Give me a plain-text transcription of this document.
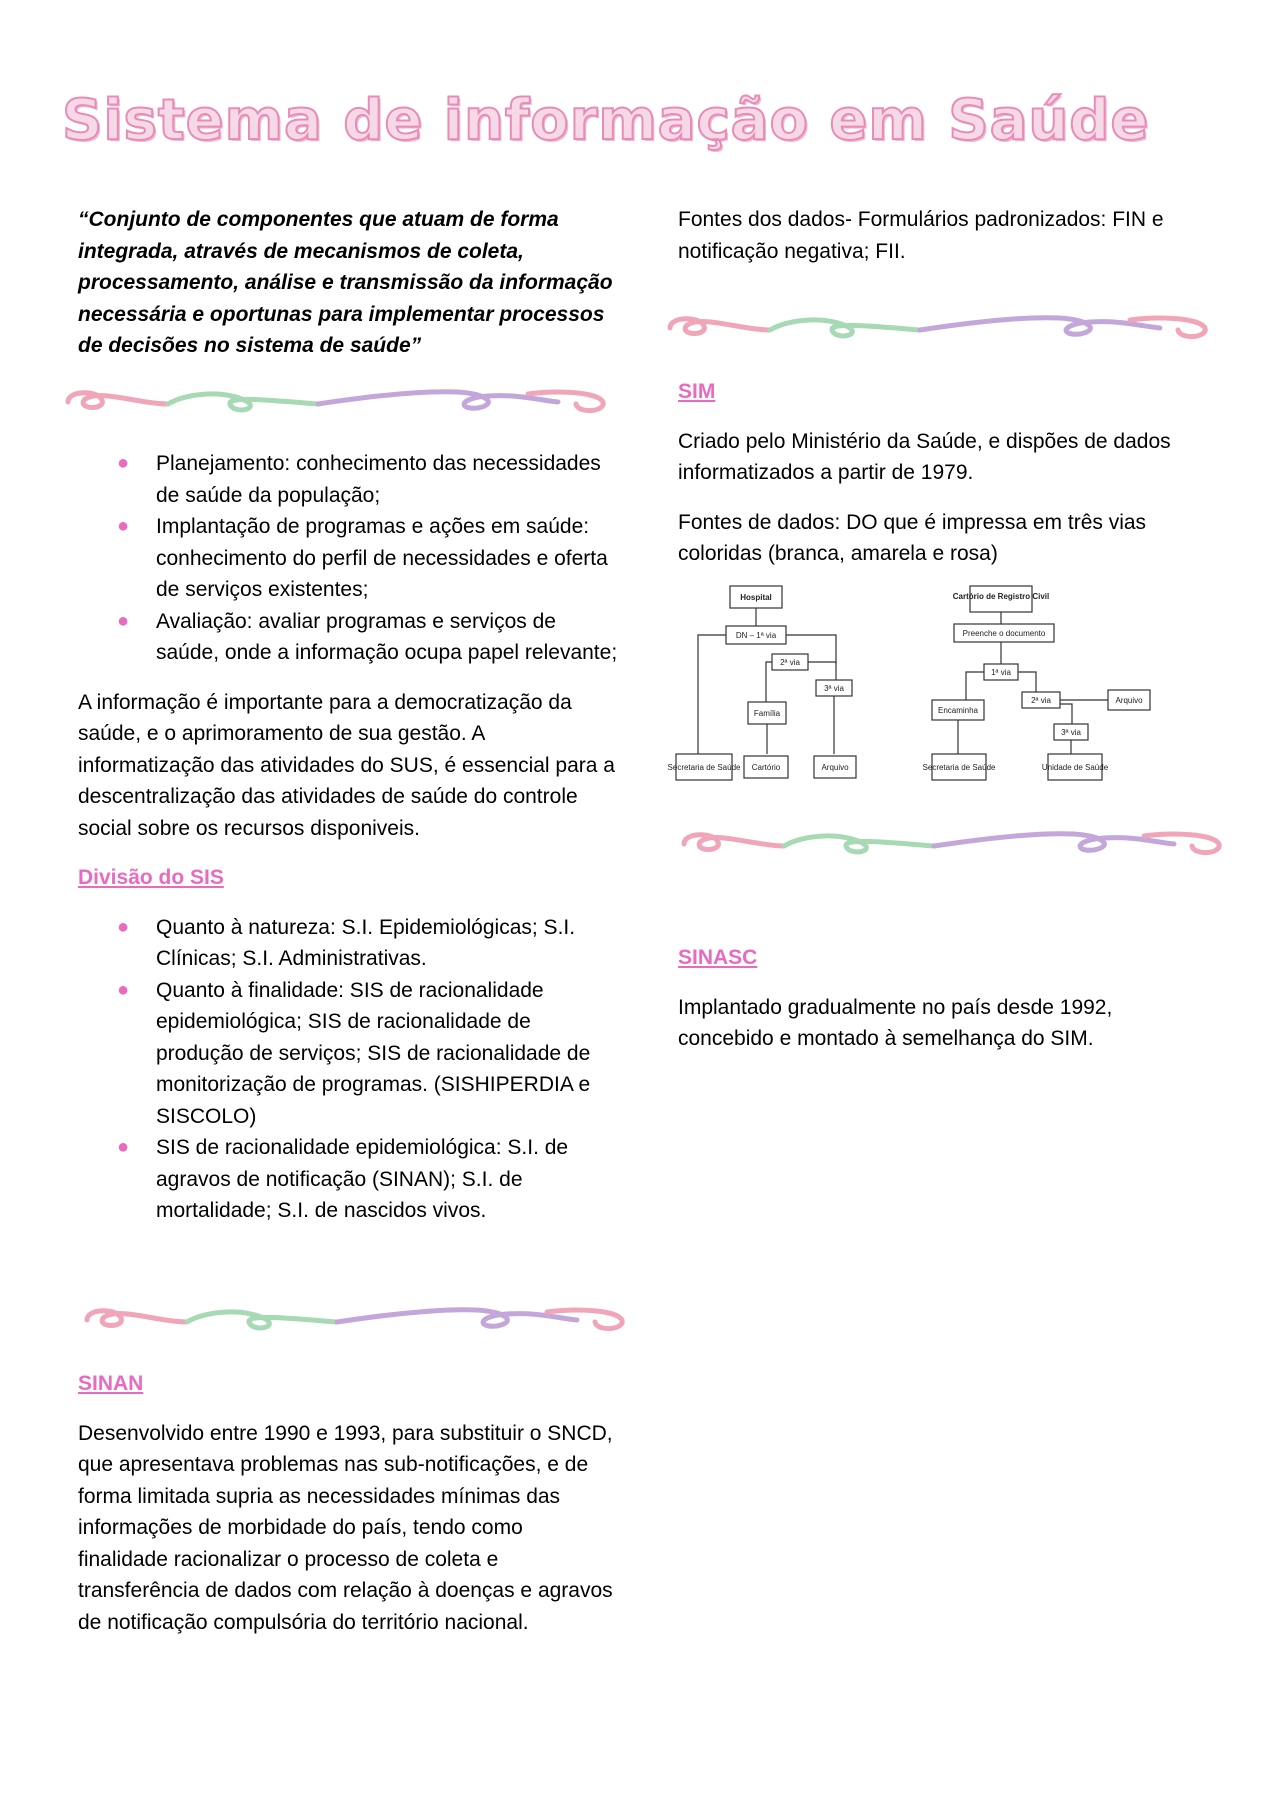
Sistema de informação em Saúde

“Conjunto de componentes que atuam de forma integrada, através de mecanismos de coleta, processamento, análise e transmissão da informação necessária e oportunas para implementar processos de decisões no sistema de saúde”

● Planejamento: conhecimento das necessidades de saúde da população;
● Implantação de programas e ações em saúde: conhecimento do perfil de necessidades e oferta de serviços existentes;
● Avaliação: avaliar programas e serviços de saúde, onde a informação ocupa papel relevante;

A informação é importante para a democratização da saúde, e o aprimoramento de sua gestão. A informatização das atividades do SUS, é essencial para a descentralização das atividades de saúde do controle social sobre os recursos disponiveis.

Divisão do SIS

● Quanto à natureza: S.I. Epidemiológicas; S.I. Clínicas; S.I. Administrativas.
● Quanto à finalidade: SIS de racionalidade epidemiológica; SIS de racionalidade de produção de serviços; SIS de racionalidade de monitorização de programas. (SISHIPERDIA e SISCOLO)
● SIS de racionalidade epidemiológica: S.I. de agravos de notificação (SINAN); S.I. de mortalidade; S.I. de nascidos vivos.

SINAN

Desenvolvido entre 1990 e 1993, para substituir o SNCD, que apresentava problemas nas sub-notificações, e de forma limitada supria as necessidades mínimas das informações de morbidade do país, tendo como finalidade racionalizar o processo de coleta e transferência de dados com relação à doenças e agravos de notificação compulsória do território nacional.

Fontes dos dados- Formulários padronizados: FIN e notificação negativa; FII.

SIM

Criado pelo Ministério da Saúde, e dispões de dados informatizados a partir de 1979.

Fontes de dados: DO que é impressa em três vias coloridas (branca, amarela e rosa)

Hospital
DN – 1ª via
2ª via
3ª via
Família
Secretaria de Saúde Cartório	Arquivo
Cartório de Registro Civil
Preenche o documento
1ª via
Encaminha
2ª via	Arquivo
3ª via
Secretaria de Saúde	Unidade de Saúde

SINASC

Implantado gradualmente no país desde 1992, concebido e montado à semelhança do SIM.
